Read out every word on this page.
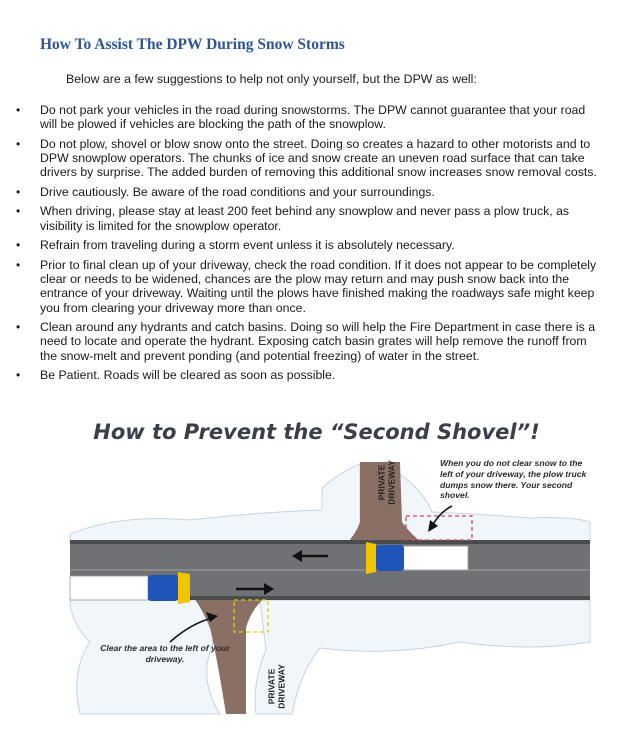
How To Assist The DPW During Snow Storms

Below are a few suggestions to help not only yourself, but the DPW as well:

• Do not park your vehicles in the road during snowstorms. The DPW cannot guarantee that your road will be plowed if vehicles are blocking the path of the snowplow.
• Do not plow, shovel or blow snow onto the street. Doing so creates a hazard to other motorists and to DPW snowplow operators. The chunks of ice and snow create an uneven road surface that can take drivers by surprise. The added burden of removing this additional snow increases snow removal costs.
• Drive cautiously. Be aware of the road conditions and your surroundings.
• When driving, please stay at least 200 feet behind any snowplow and never pass a plow truck, as visibility is limited for the snowplow operator.
• Refrain from traveling during a storm event unless it is absolutely necessary.
• Prior to final clean up of your driveway, check the road condition. If it does not appear to be completely clear or needs to be widened, chances are the plow may return and may push snow back into the entrance of your driveway. Waiting until the plows have finished making the roadways safe might keep you from clearing your driveway more than once.
• Clean around any hydrants and catch basins. Doing so will help the Fire Department in case there is a need to locate and operate the hydrant. Exposing catch basin grates will help remove the runoff from the snow-melt and prevent ponding (and potential freezing) of water in the street.
• Be Patient. Roads will be cleared as soon as possible.
How to Prevent the “Second Shovel”!

When you do not clear snow to the left of your driveway, the plow truck dumps snow there. Your second shovel.

Clear the area to the left of your driveway.

PRIVATE DRIVEWAY
PRIVATE DRIVEWAY
